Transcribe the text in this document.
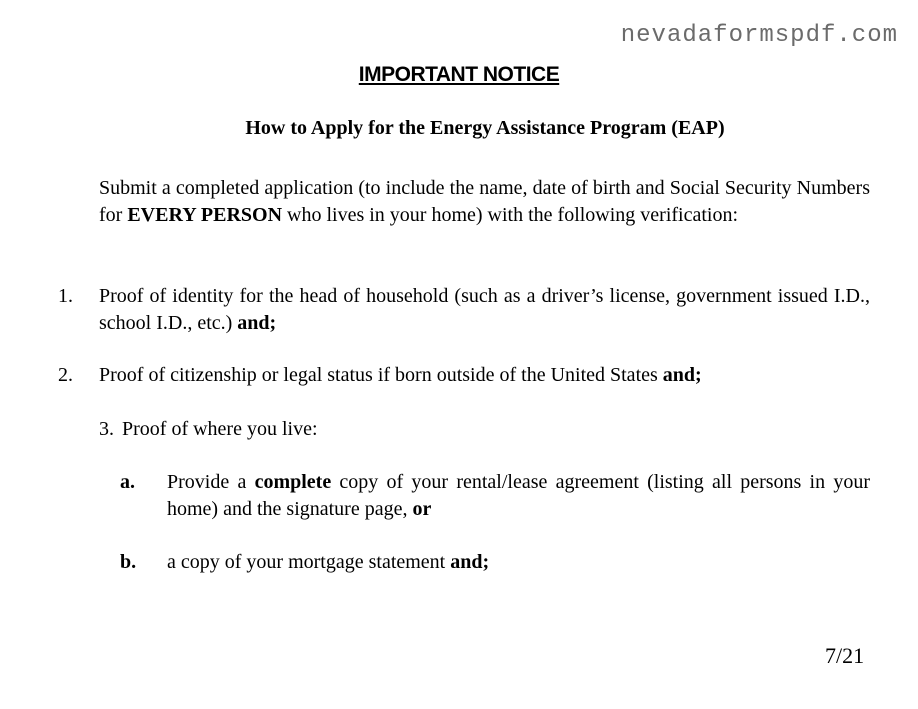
nevadaformspdf.com
IMPORTANT NOTICE
How to Apply for the Energy Assistance Program (EAP)
Submit a completed application (to include the name, date of birth and Social Security Numbers for EVERY PERSON who lives in your home) with the following verification:
1. Proof of identity for the head of household (such as a driver’s license, government issued I.D., school I.D., etc.) and;
2. Proof of citizenship or legal status if born outside of the United States and;
3. Proof of where you live:
a. Provide a complete copy of your rental/lease agreement (listing all persons in your home) and the signature page, or
b. a copy of your mortgage statement and;
7/21
